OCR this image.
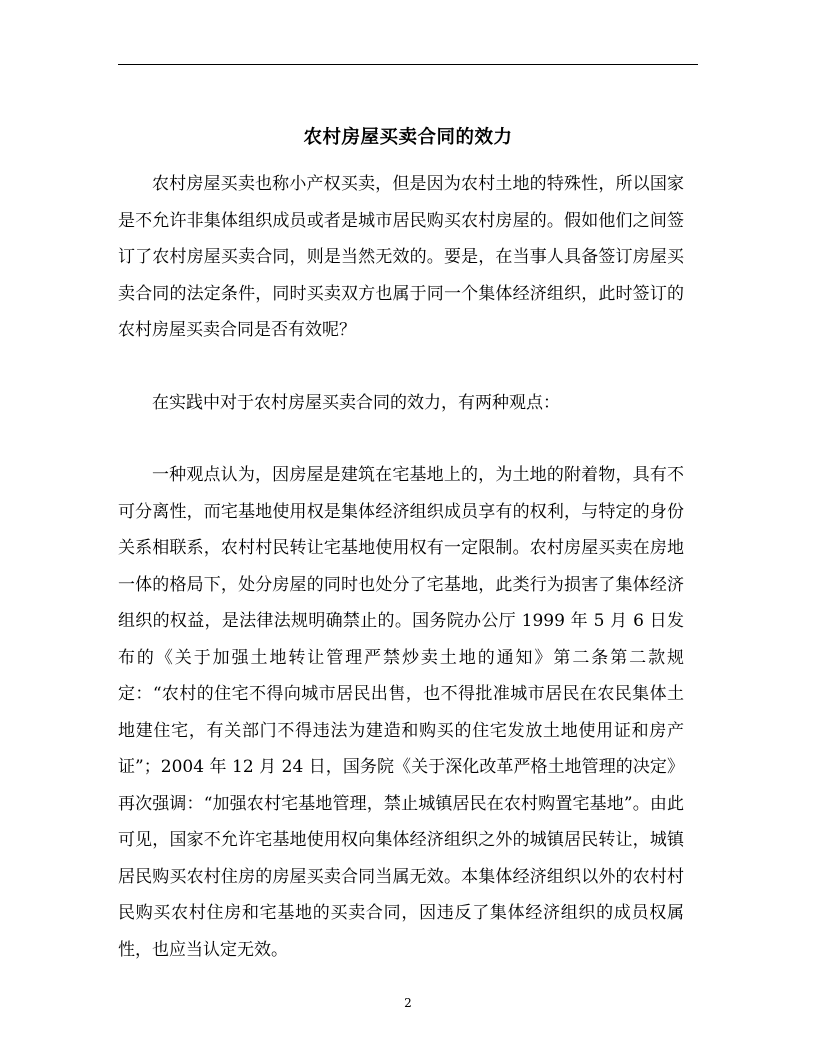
农村房屋买卖合同的效力

农村房屋买卖也称小产权买卖，但是因为农村土地的特殊性，所以国家是不允许非集体组织成员或者是城市居民购买农村房屋的。假如他们之间签订了农村房屋买卖合同，则是当然无效的。要是，在当事人具备签订房屋买卖合同的法定条件，同时买卖双方也属于同一个集体经济组织，此时签订的农村房屋买卖合同是否有效呢？

在实践中对于农村房屋买卖合同的效力，有两种观点：

一种观点认为，因房屋是建筑在宅基地上的，为土地的附着物，具有不可分离性，而宅基地使用权是集体经济组织成员享有的权利，与特定的身份关系相联系，农村村民转让宅基地使用权有一定限制。农村房屋买卖在房地一体的格局下，处分房屋的同时也处分了宅基地，此类行为损害了集体经济组织的权益，是法律法规明确禁止的。国务院办公厅 1999 年 5 月 6 日发布的《关于加强土地转让管理严禁炒卖土地的通知》第二条第二款规定：“农村的住宅不得向城市居民出售，也不得批准城市居民在农民集体土地建住宅，有关部门不得违法为建造和购买的住宅发放土地使用证和房产证”；2004 年 12 月 24 日，国务院《关于深化改革严格土地管理的决定》再次强调：“加强农村宅基地管理，禁止城镇居民在农村购置宅基地”。由此可见，国家不允许宅基地使用权向集体经济组织之外的城镇居民转让，城镇居民购买农村住房的房屋买卖合同当属无效。本集体经济组织以外的农村村民购买农村住房和宅基地的买卖合同，因违反了集体经济组织的成员权属性，也应当认定无效。

2
